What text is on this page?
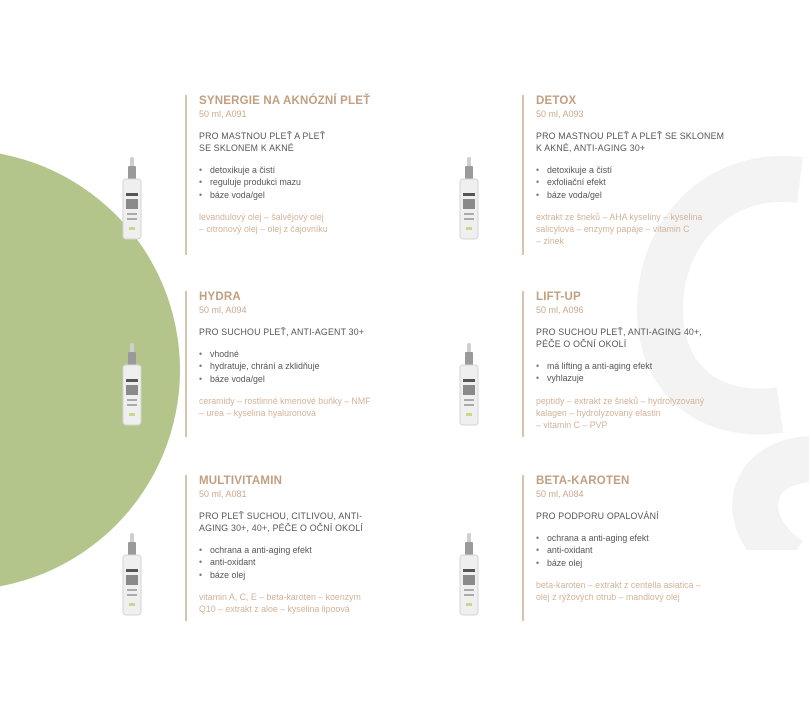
SYNERGIE NA AKNÓZNÍ PLEŤ
50 ml, A091
PRO MASTNOU PLEŤ A PLEŤ
SE SKLONEM K AKNÉ
• detoxikuje a čistí
• reguluje produkci mazu
• báze voda/gel
levandulový olej – šalvějový olej
– citronový olej – olej z čajovníku
DETOX
50 ml, A093
PRO MASTNOU PLEŤ A PLEŤ SE SKLONEM
K AKNÉ, ANTI-AGING 30+
• detoxikuje a čistí
• exfoliační efekt
• báze voda/gel
extrakt ze šneků – AHA kyseliny – kyselina
salicylová – enzymy papáje – vitamin C
– zinek
HYDRA
50 ml, A094
PRO SUCHOU PLEŤ, ANTI-AGENT 30+
• vhodné
• hydratuje, chrání a zklidňuje
• báze voda/gel
ceramidy – rostlinné kmenové buňky – NMF
– urea – kyselina hyaluronová
LIFT-UP
50 ml, A096
PRO SUCHOU PLEŤ, ANTI-AGING 40+,
PÉČE O OČNÍ OKOLÍ
• má lifting a anti-aging efekt
• vyhlazuje
peptidy – extrakt ze šneků – hydrolyzovaný
kalagen – hydrolyzovaný elastin
– vitamin C – PVP
MULTIVITAMIN
50 ml, A081
PRO PLEŤ SUCHOU, CITLIVOU, ANTI-
AGING 30+, 40+, PÉČE O OČNÍ OKOLÍ
• ochrana a anti-aging efekt
• anti-oxidant
• báze olej
vitamin A, C, E – beta-karoten – koenzym
Q10 – extrakt z aloe – kyselina lipoová
BETA-KAROTEN
50 ml, A084
PRO PODPORU OPALOVÁNÍ
• ochrana a anti-aging efekt
• anti-oxidant
• báze olej
beta-karoten – extrakt z centella asiatica –
olej z rýžových otrub – mandlový olej
